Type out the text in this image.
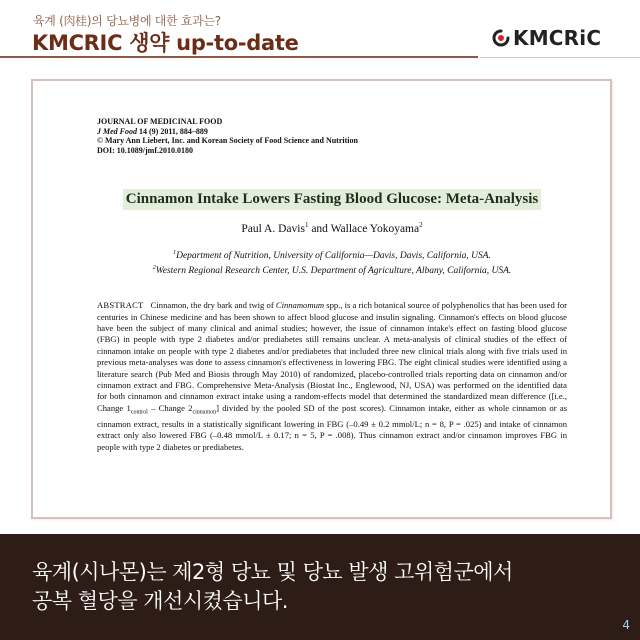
육계 (肉桂)의 당뇨병에 대한 효과는?
KMCRIC 생약 up-to-date	KMCRiC
JOURNAL OF MEDICINAL FOOD
J Med Food 14 (9) 2011, 884–889
© Mary Ann Liebert, Inc. and Korean Society of Food Science and Nutrition
DOI: 10.1089/jmf.2010.0180
Cinnamon Intake Lowers Fasting Blood Glucose: Meta-Analysis
Paul A. Davis$^1$ and Wallace Yokoyama$^2$
$^1$Department of Nutrition, University of California—Davis, Davis, California, USA.
$^2$Western Regional Research Center, U.S. Department of Agriculture, Albany, California, USA.
ABSTRACT Cinnamon, the dry bark and twig of Cinnamomum spp., is a rich botanical source of polyphenolics that has been used for centuries in Chinese medicine and has been shown to affect blood glucose and insulin signaling. Cinnamon's effects on blood glucose have been the subject of many clinical and animal studies; however, the issue of cinnamon intake's effect on fasting blood glucose (FBG) in people with type 2 diabetes and/or prediabetes still remains unclear. A meta-analysis of clinical studies of the effect of cinnamon intake on people with type 2 diabetes and/or prediabetes that included three new clinical trials along with five trials used in previous meta-analyses was done to assess cinnamon's effectiveness in lowering FBG. The eight clinical studies were identified using a literature search (Pub Med and Biosis through May 2010) of randomized, placebo-controlled trials reporting data on cinnamon and/or cinnamon extract and FBG. Comprehensive Meta-Analysis (Biostat Inc., Englewood, NJ, USA) was performed on the identified data for both cinnamon and cinnamon extract intake using a random-effects model that determined the standardized mean difference ([i.e., Change $1_{control}$ – Change $2_{cinnamon}$] divided by the pooled SD of the post scores). Cinnamon intake, either as whole cinnamon or as cinnamon extract, results in a statistically significant lowering in FBG (–0.49 ± 0.2 mmol/L; n = 8, P = .025) and intake of cinnamon extract only also lowered FBG (–0.48 mmol/L ± 0.17; n = 5, P = .008). Thus cinnamon extract and/or cinnamon improves FBG in people with type 2 diabetes or prediabetes.
육계(시나몬)는 제2형 당뇨 및 당뇨 발생 고위험군에서
공복 혈당을 개선시켰습니다.
4
